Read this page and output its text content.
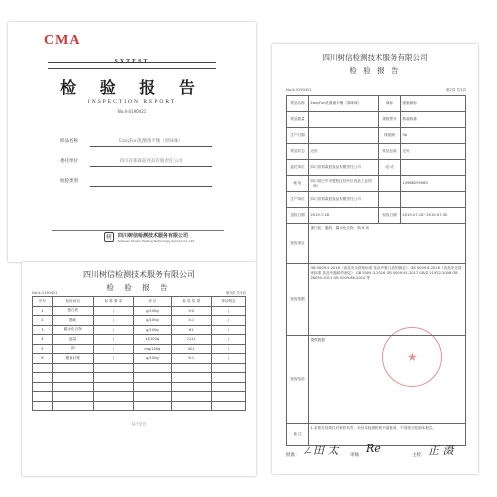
CMA
SXTEST
检 验 报 告
INSPECTION REPORT
No:X-0190421
样品名称	EasyFun乳酸菌平衡（原味味）
委托单位	四川省郑森兹食品有限责任公司
检验类别
树	四川树信检测技术服务有限公司
Sichuan Shuxin Testing Technology Service Co.,Ltd.
四川树信检测技术服务有限公司
检 验 报 告
No:X-0190421	第3页 共3页
序号	检验项目	标 准 要 求	单 位	检 验 结 果	单项判定
1	蛋白质	/	g/100g	9.0	/
2	脂肪	/	g/100g	0.1	/
3	碳水化合物	/	g/100g	61	/
4	能量	/	kJ/100g	1211	/
5	钠	/	mg/100g	401	/
6	膳食纤维	/	g/100g	6.1	/

以下空白
四川树信检测技术服务有限公司
检 验 报 告
No:X-0190421	第2页 共3页
样品名称	EasyFun乳酸菌平衡（原味味）	商标	图案商标
样品数量		规格型号	散装称重
生产日期		保质期	3d
样品状态	完好	样品包装	完好
委托单位	四川省郑森兹食品有限责任公司	电 话	
地 址	四川省巴中市恩阳区经开区食品工业园（B）		13988293983
生产单位	四川省郑森兹食品有限责任公司		
送检日期	2019-7-18	检验日期	2019-07-18~2019-07-30
检验项目	蛋白质、脂肪、碳水化合物、钠 6 项		
检验依据	GB 5009.5-2016《食品安全国家标准 食品中蛋白质的测定》 GB 5009.6-2016《食品安全国家标准 食品中脂肪的测定》 GB 5009.3-2016 GB 5009.91-2017 GB/Z 21922-2008 GB 28050-2011 GB 5009.88-2014 等		
检验结论	提供数据		
备 注	1.本报告结果仅对来样负责，未经本检测机构书面批准，不得部分复制本报告。		
★
批准： ㄥ田 太	审核：
Re
主检： 正 滠
